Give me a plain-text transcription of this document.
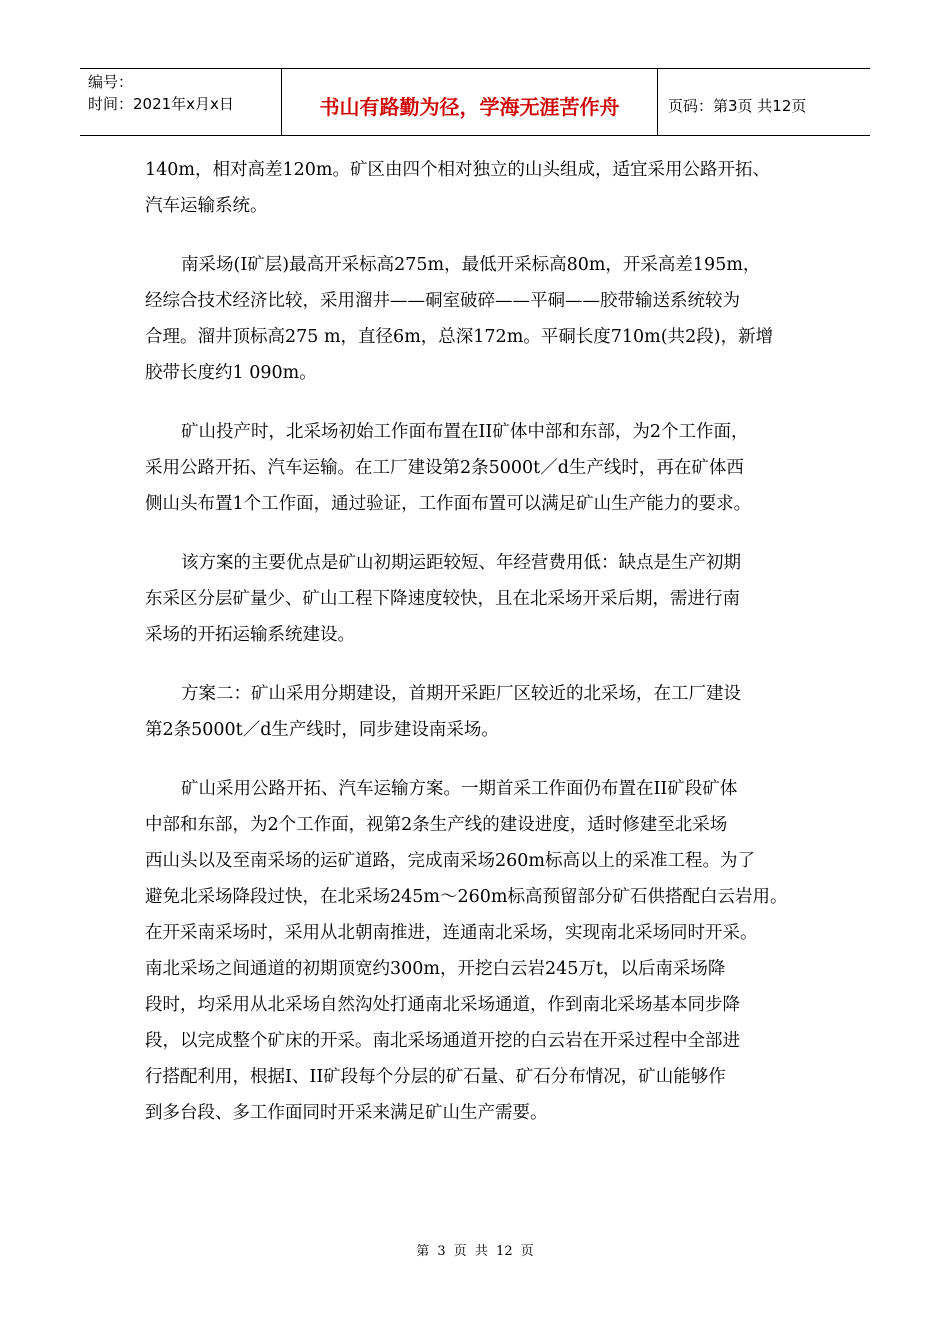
编号：
时间：2021年x月x日	书山有路勤为径，学海无涯苦作舟	页码：第3页 共12页
140m，相对高差120m。矿区由四个相对独立的山头组成，适宜采用公路开拓、
汽车运输系统。
南采场(I矿层)最高开采标高275m，最低开采标高80m，开采高差195m，
经综合技术经济比较，采用溜井——硐室破碎——平硐——胶带输送系统较为
合理。溜井顶标高275 m，直径6m，总深172m。平硐长度710m(共2段)，新增
胶带长度约1 090m。
矿山投产时，北采场初始工作面布置在II矿体中部和东部，为2个工作面，
采用公路开拓、汽车运输。在工厂建设第2条5000t／d生产线时，再在矿体西
侧山头布置1个工作面，通过验证，工作面布置可以满足矿山生产能力的要求。
该方案的主要优点是矿山初期运距较短、年经营费用低：缺点是生产初期
东采区分层矿量少、矿山工程下降速度较快，且在北采场开采后期，需进行南
采场的开拓运输系统建设。
方案二：矿山采用分期建设，首期开采距厂区较近的北采场，在工厂建设
第2条5000t／d生产线时，同步建设南采场。
矿山采用公路开拓、汽车运输方案。一期首采工作面仍布置在II矿段矿体
中部和东部，为2个工作面，视第2条生产线的建设进度，适时修建至北采场
西山头以及至南采场的运矿道路，完成南采场260m标高以上的采准工程。为了
避免北采场降段过快，在北采场245m～260m标高预留部分矿石供搭配白云岩用。
在开采南采场时，采用从北朝南推进，连通南北采场，实现南北采场同时开采。
南北采场之间通道的初期顶宽约300m，开挖白云岩245万t，以后南采场降
段时，均采用从北采场自然沟处打通南北采场通道，作到南北采场基本同步降
段，以完成整个矿床的开采。南北采场通道开挖的白云岩在开采过程中全部进
行搭配利用，根据I、II矿段每个分层的矿石量、矿石分布情况，矿山能够作
到多台段、多工作面同时开采来满足矿山生产需要。
第 3 页 共 12 页
